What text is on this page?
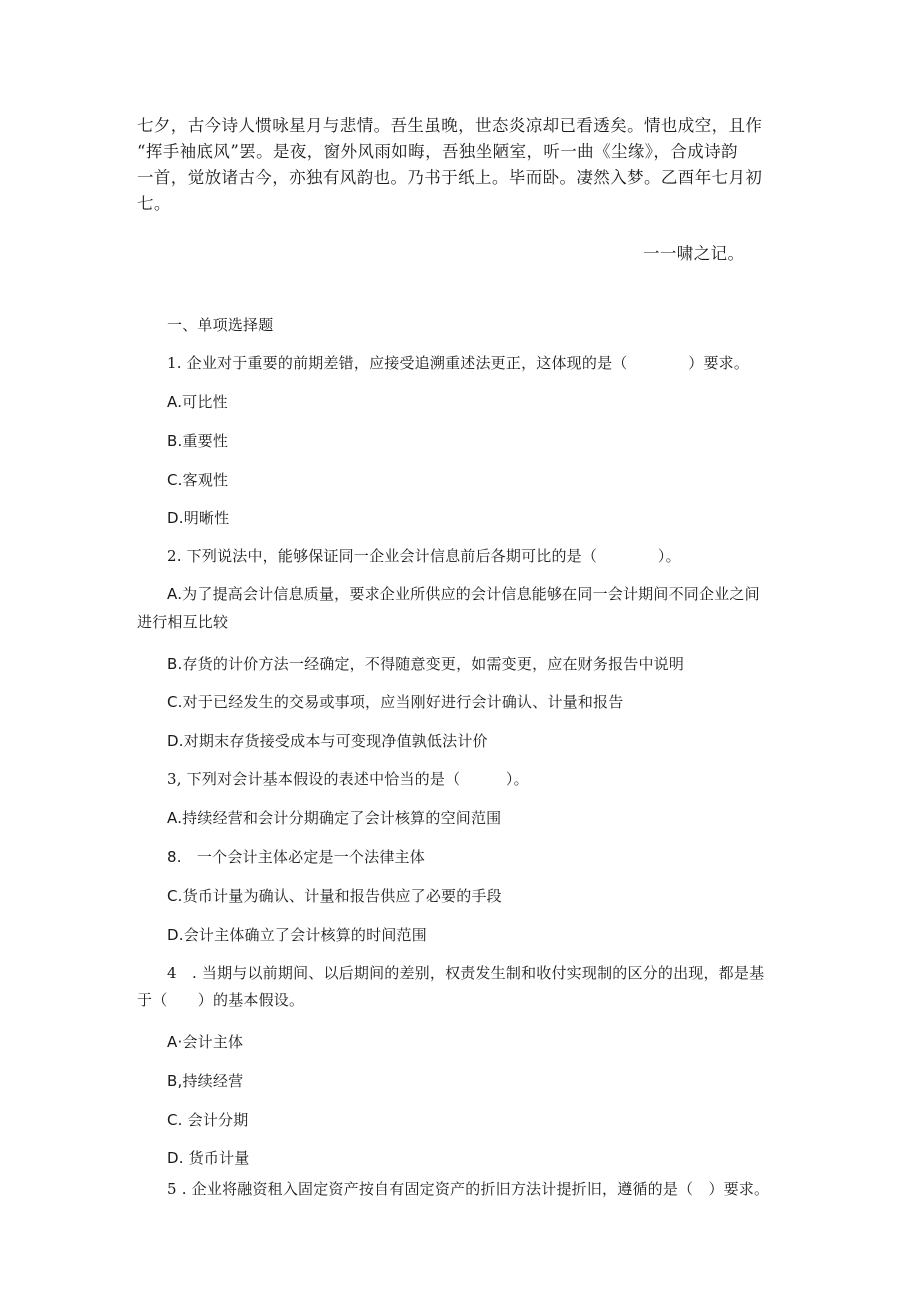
七夕，古今诗人惯咏星月与悲情。吾生虽晚，世态炎凉却已看透矣。情也成空，且作
“挥手袖底风”罢。是夜，窗外风雨如晦，吾独坐陋室，听一曲《尘缘》，合成诗韵
一首，觉放诸古今，亦独有风韵也。乃书于纸上。毕而卧。凄然入梦。乙酉年七月初
七。
一一啸之记。
一、单项选择题
1. 企业对于重要的前期差错，应接受追溯重述法更正，这体现的是（　　　　）要求。
A.可比性
B.重要性
C.客观性
D.明晰性
2. 下列说法中，能够保证同一企业会计信息前后各期可比的是（　　　　）。
A.为了提高会计信息质量，要求企业所供应的会计信息能够在同一会计期间不同企业之间
进行相互比较
B.存货的计价方法一经确定，不得随意变更，如需变更，应在财务报告中说明
C.对于已经发生的交易或事项，应当刚好进行会计确认、计量和报告
D.对期末存货接受成本与可变现净值孰低法计价
3, 下列对会计基本假设的表述中恰当的是（　　　）。
A.持续经营和会计分期确定了会计核算的空间范围
8.　一个会计主体必定是一个法律主体
C.货币计量为确认、计量和报告供应了必要的手段
D.会计主体确立了会计核算的时间范围
4　. 当期与以前期间、以后期间的差别，权责发生制和收付实现制的区分的出现，都是基
于（　　）的基本假设。
A·会计主体
B,持续经营
C. 会计分期
D. 货币计量
5 . 企业将融资租入固定资产按自有固定资产的折旧方法计提折旧，遵循的是（　）要求。
